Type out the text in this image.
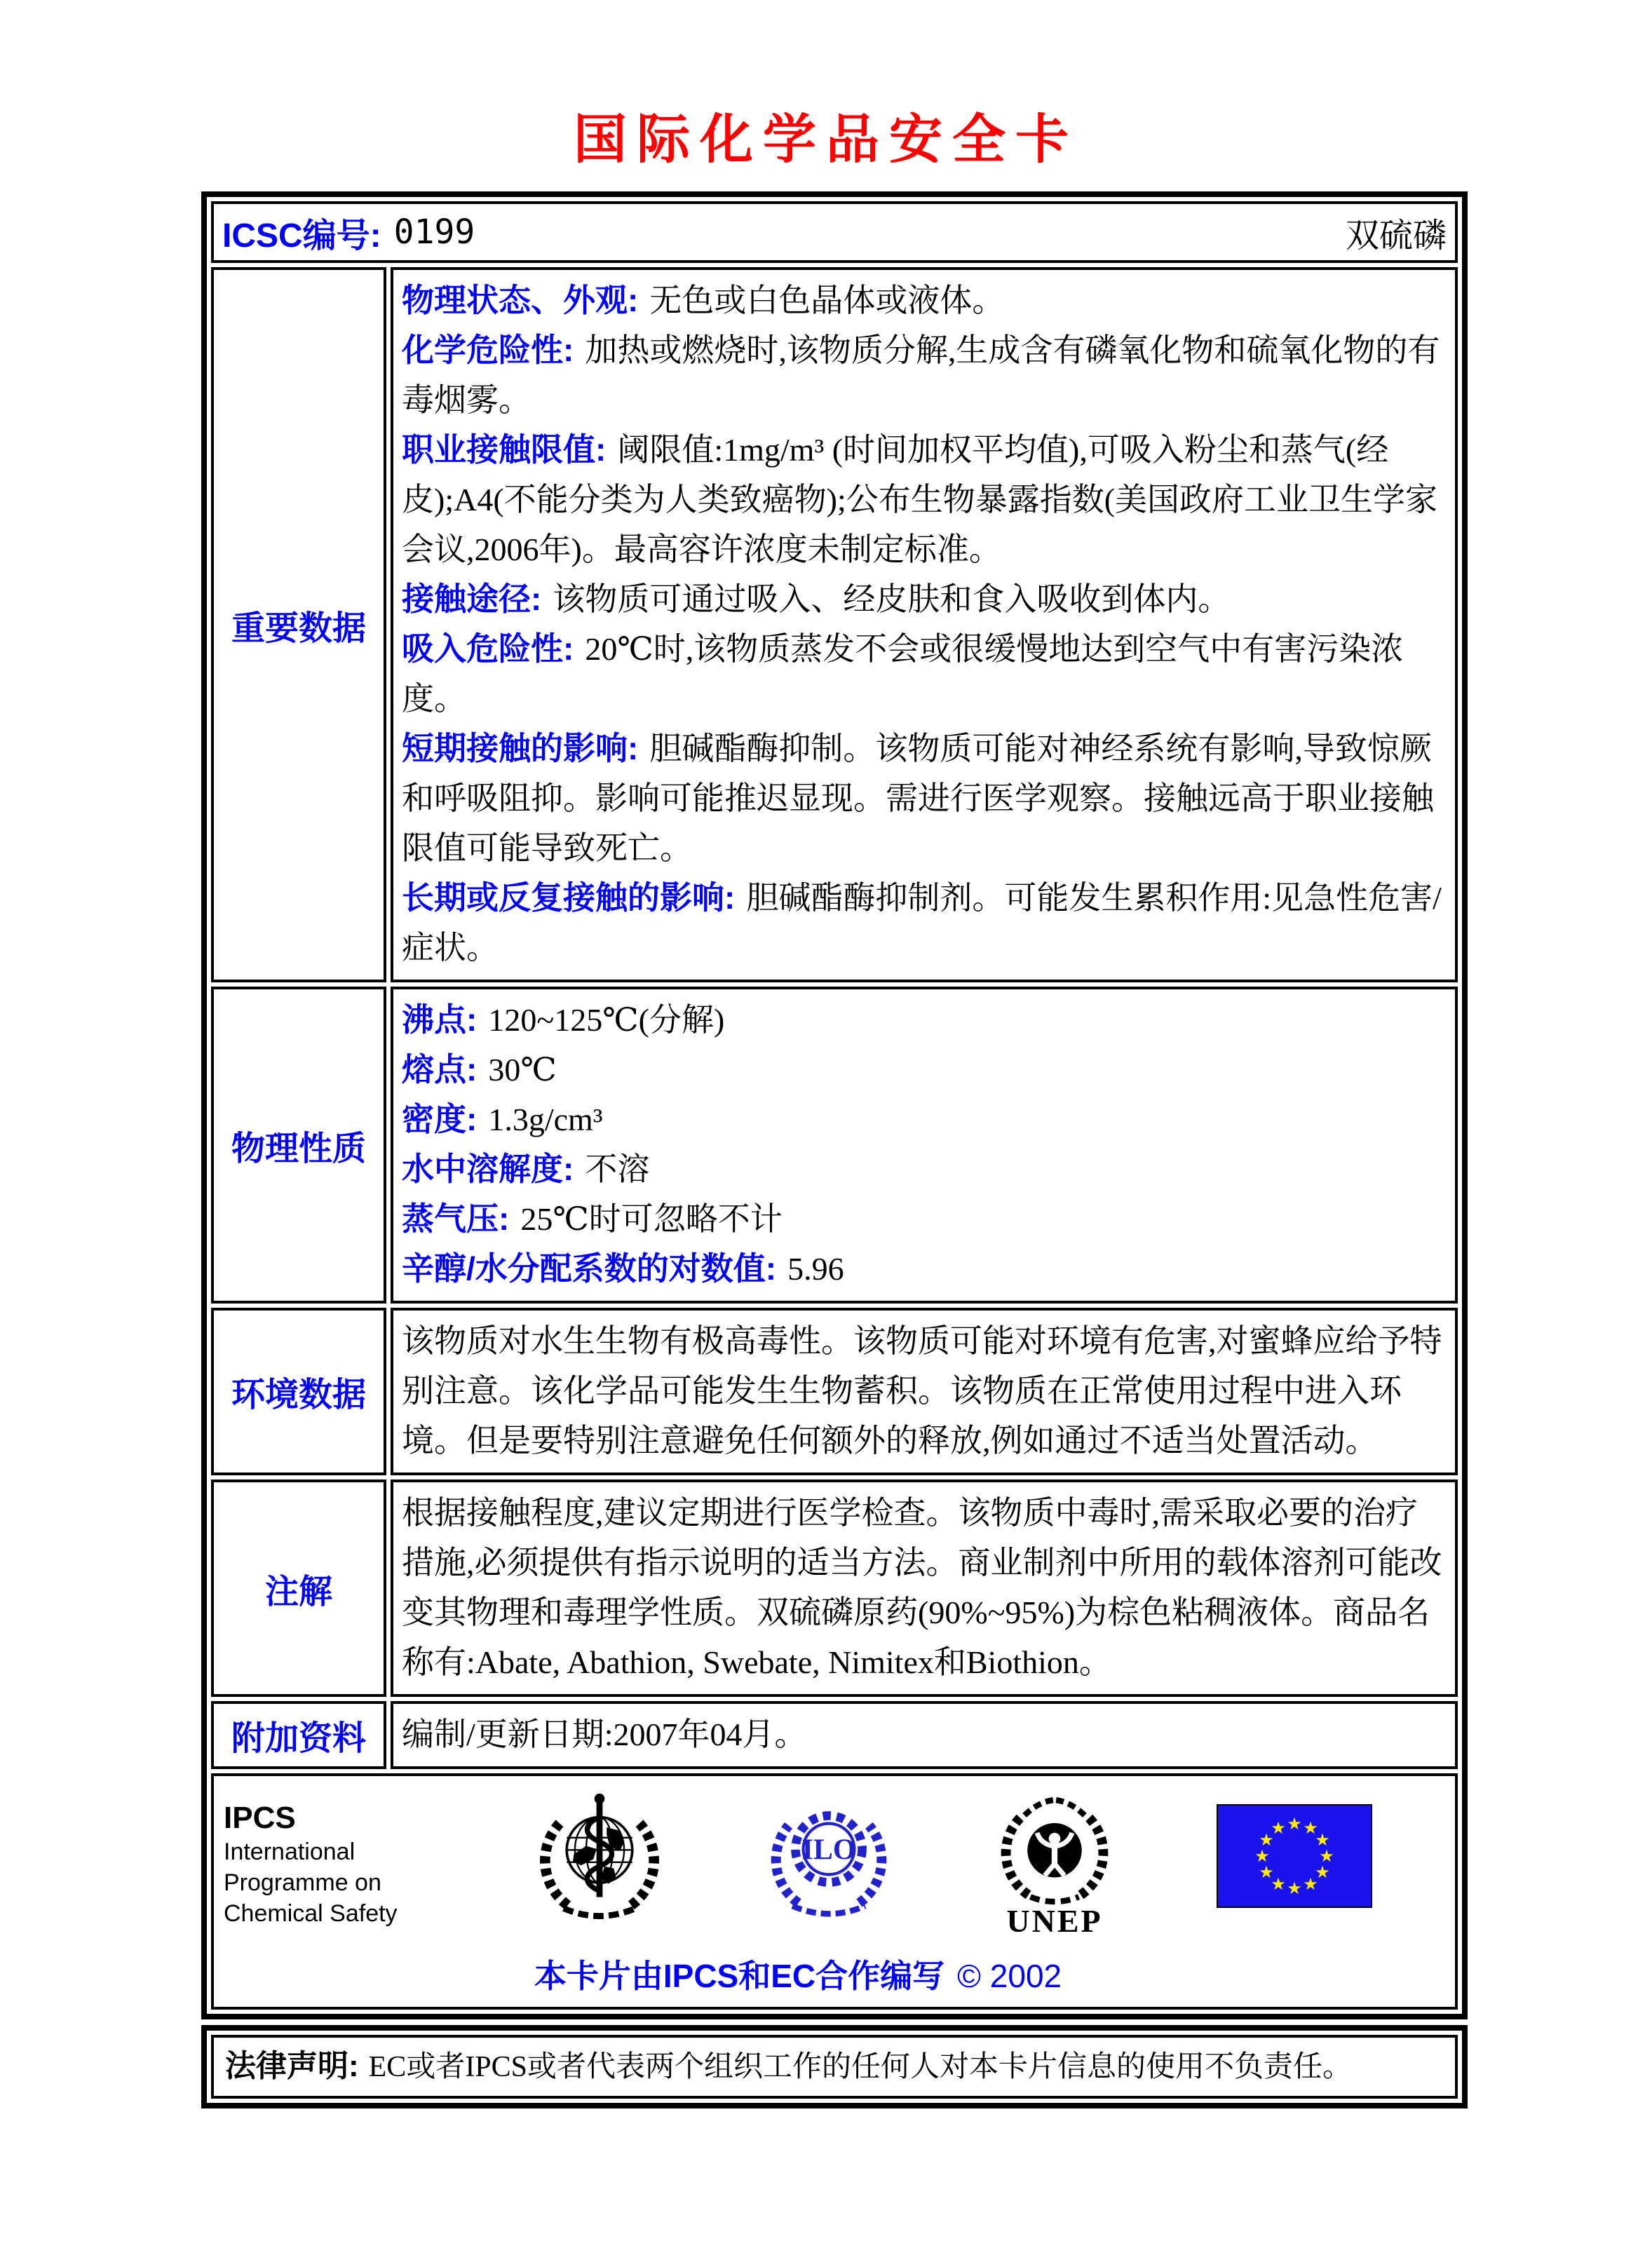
国际化学品安全卡
ICSC编号: 0199	双硫磷
重要数据
物理状态、外观: 无色或白色晶体或液体。
化学危险性: 加热或燃烧时,该物质分解,生成含有磷氧化物和硫氧化物的有毒烟雾。
职业接触限值: 阈限值:1mg/m³ (时间加权平均值),可吸入粉尘和蒸气(经皮);A4(不能分类为人类致癌物);公布生物暴露指数(美国政府工业卫生学家会议,2006年)。最高容许浓度未制定标准。
接触途径: 该物质可通过吸入、经皮肤和食入吸收到体内。
吸入危险性: 20℃时,该物质蒸发不会或很缓慢地达到空气中有害污染浓度。
短期接触的影响: 胆碱酯酶抑制。该物质可能对神经系统有影响,导致惊厥和呼吸阻抑。影响可能推迟显现。需进行医学观察。接触远高于职业接触限值可能导致死亡。
长期或反复接触的影响: 胆碱酯酶抑制剂。可能发生累积作用:见急性危害/症状。
物理性质
沸点: 120~125℃(分解)
熔点: 30℃
密度: 1.3g/cm³
水中溶解度: 不溶
蒸气压: 25℃时可忽略不计
辛醇/水分配系数的对数值: 5.96
环境数据
该物质对水生生物有极高毒性。该物质可能对环境有危害,对蜜蜂应给予特别注意。该化学品可能发生生物蓄积。该物质在正常使用过程中进入环境。但是要特别注意避免任何额外的释放,例如通过不适当处置活动。
注解
根据接触程度,建议定期进行医学检查。该物质中毒时,需采取必要的治疗措施,必须提供有指示说明的适当方法。商业制剂中所用的载体溶剂可能改变其物理和毒理学性质。双硫磷原药(90%~95%)为棕色粘稠液体。商品名称有:Abate, Abathion, Swebate, Nimitex和Biothion。
附加资料	编制/更新日期:2007年04月。
IPCS
International
Programme on
Chemical Safety
ILO
UNEP
★ ★
★
★
★
★
★
★
★
★
★
★
本卡片由IPCS和EC合作编写 © 2002
法律声明: EC或者IPCS或者代表两个组织工作的任何人对本卡片信息的使用不负责任。
